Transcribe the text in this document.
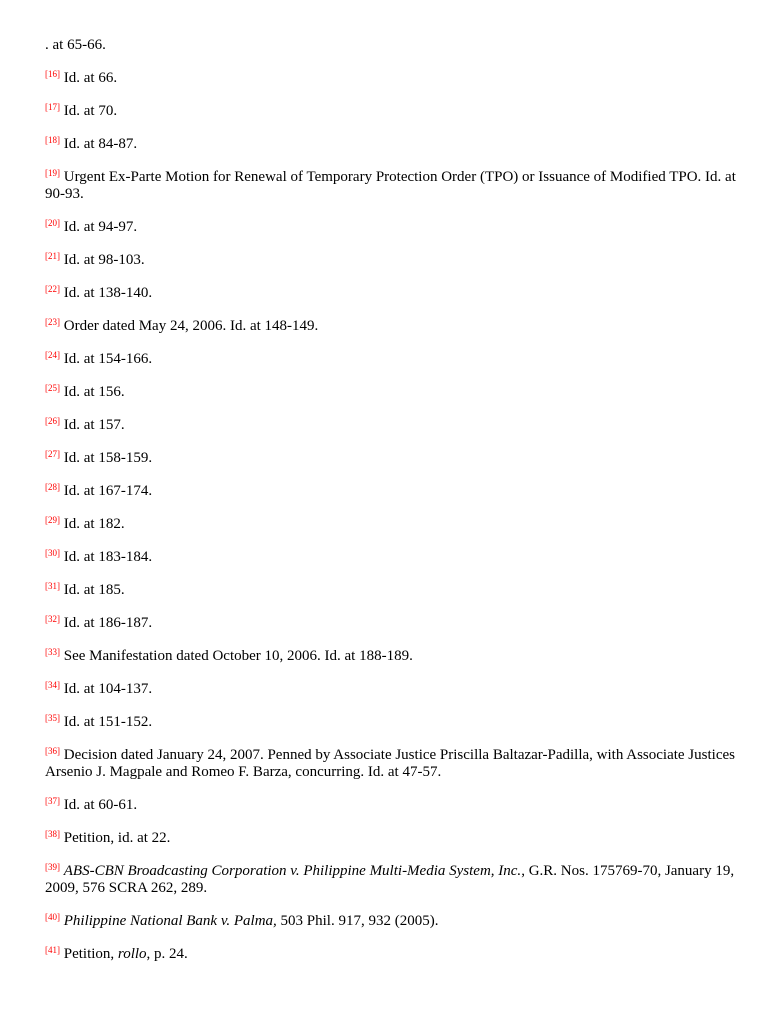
. at 65-66.

[16] Id. at 66.

[17] Id. at 70.

[18] Id. at 84-87.

[19] Urgent Ex-Parte Motion for Renewal of Temporary Protection Order (TPO) or Issuance of Modified TPO. Id. at 90-93.

[20] Id. at 94-97.

[21] Id. at 98-103.

[22] Id. at 138-140.

[23] Order dated May 24, 2006. Id. at 148-149.

[24] Id. at 154-166.

[25] Id. at 156.

[26] Id. at 157.

[27] Id. at 158-159.

[28] Id. at 167-174.

[29] Id. at 182.

[30] Id. at 183-184.

[31] Id. at 185.

[32] Id. at 186-187.

[33] See Manifestation dated October 10, 2006. Id. at 188-189.

[34] Id. at 104-137.

[35] Id. at 151-152.

[36] Decision dated January 24, 2007. Penned by Associate Justice Priscilla Baltazar-Padilla, with Associate Justices Arsenio J. Magpale and Romeo F. Barza, concurring. Id. at 47-57.

[37] Id. at 60-61.

[38] Petition, id. at 22.

[39] ABS-CBN Broadcasting Corporation v. Philippine Multi-Media System, Inc., G.R. Nos. 175769-70, January 19, 2009, 576 SCRA 262, 289.

[40] Philippine National Bank v. Palma, 503 Phil. 917, 932 (2005).

[41] Petition, rollo, p. 24.
